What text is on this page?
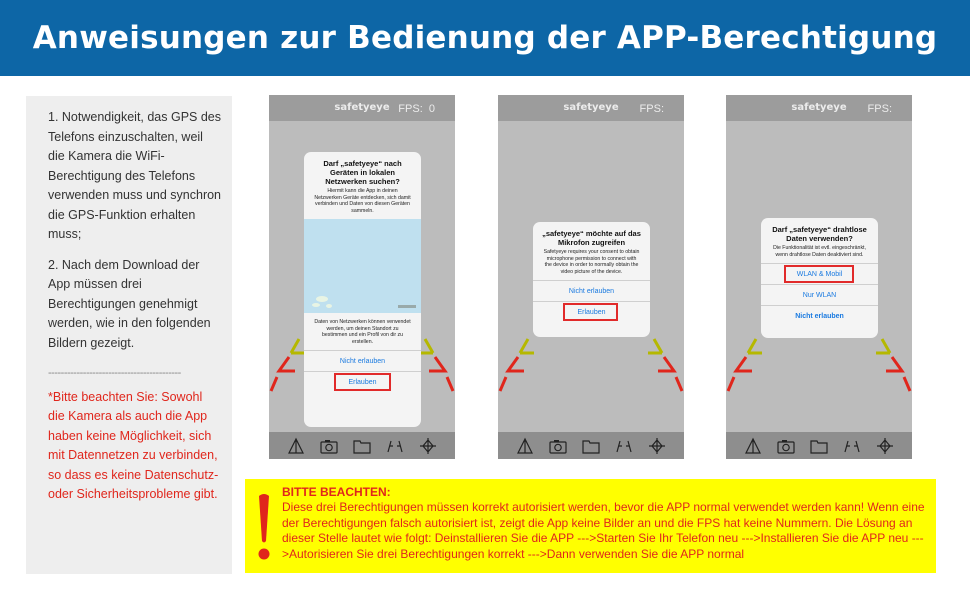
Anweisungen zur Bedienung der APP-Berechtigung

1. Notwendigkeit, das GPS des Telefons einzuschalten, weil die Kamera die WiFi-Berechtigung des Telefons verwenden muss und synchron die GPS-Funktion erhalten muss;

2. Nach dem Download der App müssen drei Berechtigungen genehmigt werden, wie in den folgenden Bildern gezeigt.

------------------------------------------

*Bitte beachten Sie: Sowohl die Kamera als auch die App haben keine Möglichkeit, sich mit Datennetzen zu verbinden, so dass es keine Datenschutz- oder Sicherheitsprobleme gibt.

safetyeye FPS: 0
Darf „safetyeye“ nach Geräten in lokalen Netzwerken suchen?
Hiermit kann die App in deinen Netzwerken Geräte entdecken, sich damit verbinden und Daten von diesen Geräten sammeln.
Daten von Netzwerken können verwendet werden, um deinen Standort zu bestimmen und ein Profil von dir zu erstellen.
Nicht erlauben
Erlauben
safetyeye	FPS:
„safetyeye“ möchte auf das Mikrofon zugreifen
Safetyeye requires your consent to obtain microphone permission to connect with the device in order to normally obtain the video picture of the device.
Nicht erlauben
Erlauben
safetyeye	FPS:
Darf „safetyeye“ drahtlose Daten verwenden?
Die Funktionalität ist evtl. eingeschränkt, wenn drahtlose Daten deaktiviert sind.
WLAN & Mobil
Nur WLAN
Nicht erlauben
BITTE BEACHTEN:
Diese drei Berechtigungen müssen korrekt autorisiert werden, bevor die APP normal verwendet werden kann! Wenn eine der Berechtigungen falsch autorisiert ist, zeigt die App keine Bilder an und die FPS hat keine Nummern. Die Lösung an dieser Stelle lautet wie folgt: Deinstallieren Sie die APP --->Starten Sie Ihr Telefon neu --->Installieren Sie die APP neu --->Autorisieren Sie drei Berechtigungen korrekt --->Dann verwenden Sie die APP normal
